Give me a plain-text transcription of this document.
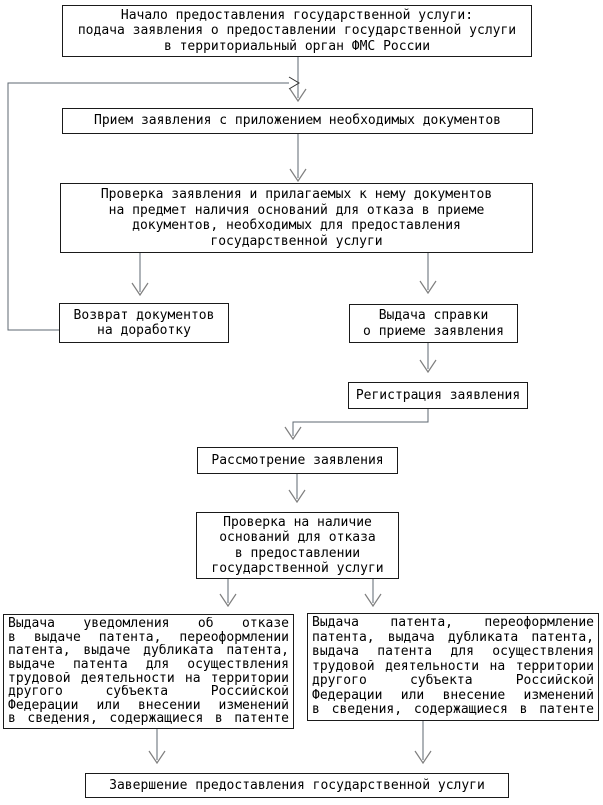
Начало предоставления государственной услуги:
подача заявления о предоставлении государственной услуги
в территориальный орган ФМС России
Прием заявления с приложением необходимых документов
Проверка заявления и прилагаемых к нему документов
на предмет наличия оснований для отказа в приеме
документов, необходимых для предоставления
государственной услуги
Возврат документов
на доработку
Выдача справки
о приеме заявления
Регистрация заявления
Рассмотрение заявления
Проверка на наличие
оснований для отказа
в предоставлении
государственной услуги
Выдача уведомления об отказе
в выдаче патента, переоформлении
патента, выдаче дубликата патента,
выдаче патента для осуществления
трудовой деятельности на территории
другого субъекта Российской
Федерации или внесении изменений
в сведения, содержащиеся в патенте
Выдача патента, переоформление
патента, выдача дубликата патента,
выдача патента для осуществления
трудовой деятельности на территории
другого субъекта Российской
Федерации или внесение изменений
в сведения, содержащиеся в патенте
Завершение предоставления государственной услуги
